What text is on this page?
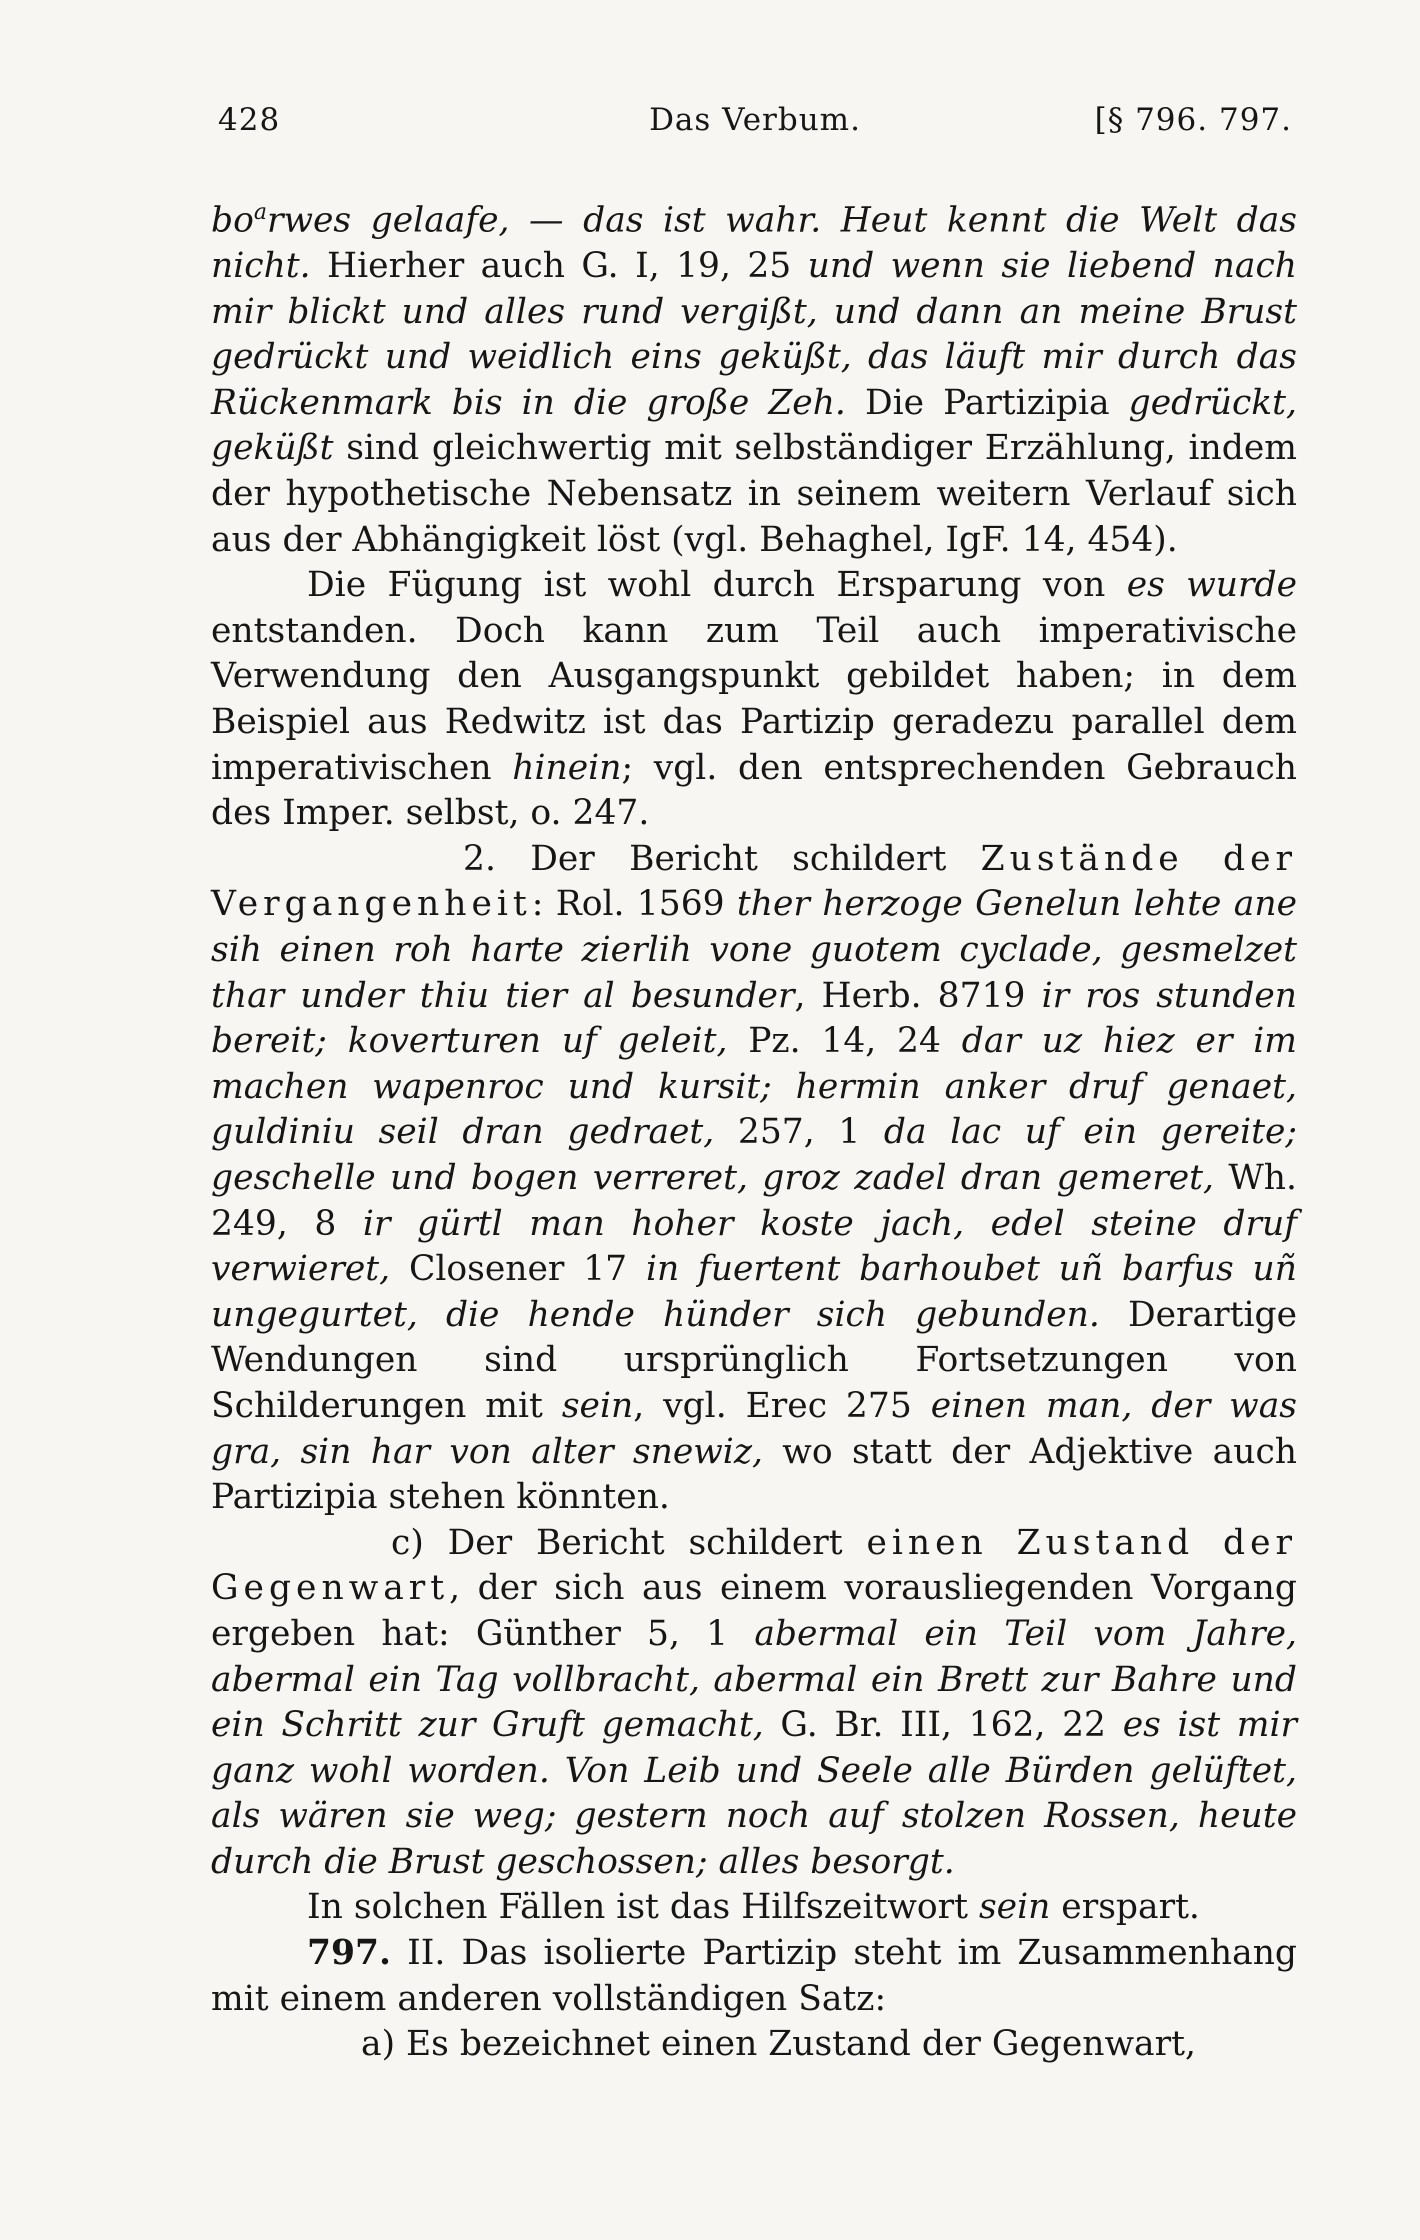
428	Das Verbum.	[§ 796. 797.

$bo^arwes$ gelaafe, — das ist wahr. Heut kennt die Welt das nicht. Hierher auch G. I, 19, 25 und wenn sie liebend nach mir blickt und alles rund vergißt, und dann an meine Brust gedrückt und weidlich eins geküßt, das läuft mir durch das Rückenmark bis in die große Zeh. Die Partizipia gedrückt, geküßt sind gleichwertig mit selbständiger Erzählung, indem der hypothetische Nebensatz in seinem weitern Verlauf sich aus der Abhängigkeit löst (vgl. Behaghel, IgF. 14, 454).

Die Fügung ist wohl durch Ersparung von es wurde entstanden. Doch kann zum Teil auch imperativische Verwendung den Ausgangspunkt gebildet haben; in dem Beispiel aus Redwitz ist das Partizip geradezu parallel dem imperativischen hinein; vgl. den entsprechenden Gebrauch des Imper. selbst, o. 247.

2. Der Bericht schildert Zustände der Vergangenheit: Rol. 1569 ther herzoge Genelun lehte ane sih einen roh harte zierlih vone guotem cyclade, gesmelzet thar under thiu tier al besunder, Herb. 8719 ir ros stunden bereit; koverturen uf geleit, Pz. 14, 24 dar uz hiez er im machen wapenroc und kursit; hermin anker druf genaet, guldiniu seil dran gedraet, 257, 1 da lac uf ein gereite; geschelle und bogen verreret, groz zadel dran gemeret, Wh. 249, 8 ir gürtl man hoher koste jach, edel steine druf verwieret, Closener 17 in fuertent barhoubet uñ barfus uñ ungegurtet, die hende hünder sich gebunden. Derartige Wendungen sind ursprünglich Fortsetzungen von Schilderungen mit sein, vgl. Erec 275 einen man, der was gra, sin har von alter snewiz, wo statt der Adjektive auch Partizipia stehen könnten.

c) Der Bericht schildert einen Zustand der Gegenwart, der sich aus einem vorausliegenden Vorgang ergeben hat: Günther 5, 1 abermal ein Teil vom Jahre, abermal ein Tag vollbracht, abermal ein Brett zur Bahre und ein Schritt zur Gruft gemacht, G. Br. III, 162, 22 es ist mir ganz wohl worden. Von Leib und Seele alle Bürden gelüftet, als wären sie weg; gestern noch auf stolzen Rossen, heute durch die Brust geschossen; alles besorgt.

In solchen Fällen ist das Hilfszeitwort sein erspart.

797. II. Das isolierte Partizip steht im Zusammenhang mit einem anderen vollständigen Satz:

a) Es bezeichnet einen Zustand der Gegenwart,
